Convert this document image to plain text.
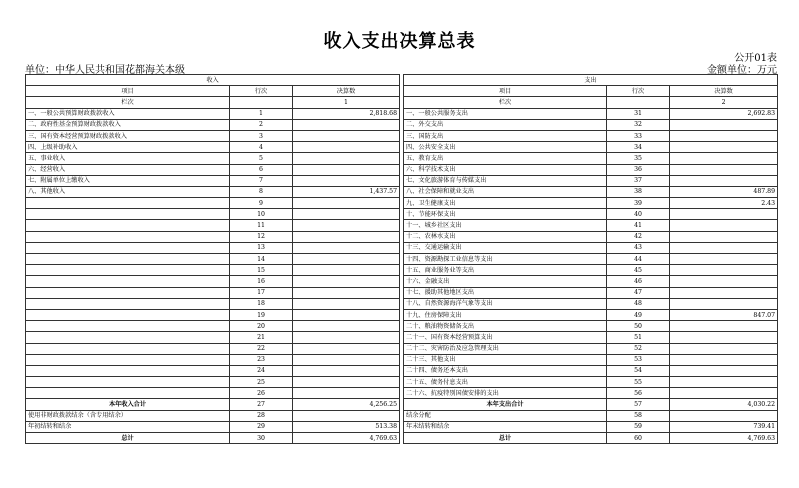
收入支出决算总表
公开01表
单位：中华人民共和国花都海关本级	金额单位：万元
收入				支出		
项目	行次	决算数		项目	行次	决算数
栏次		1		栏次		2
一、一般公共预算财政拨款收入	1	2,818.68		一、一般公共服务支出	31	2,692.83
二、政府性基金预算财政拨款收入	2			二、外交支出	32	
三、国有资本经营预算财政拨款收入	3			三、国防支出	33	
四、上级补助收入	4			四、公共安全支出	34	
五、事业收入	5			五、教育支出	35	
六、经营收入	6			六、科学技术支出	36	
七、附属单位上缴收入	7			七、文化旅游体育与传媒支出	37	
八、其他收入	8	1,437.57		八、社会保障和就业支出	38	487.89
	9			九、卫生健康支出	39	2.43
	10			十、节能环保支出	40	
	11			十一、城乡社区支出	41	
	12			十二、农林水支出	42	
	13			十三、交通运输支出	43	
	14			十四、资源勘探工业信息等支出	44	
	15			十五、商业服务业等支出	45	
	16			十六、金融支出	46	
	17			十七、援助其他地区支出	47	
	18			十八、自然资源海洋气象等支出	48	
	19			十九、住房保障支出	49	847.07
	20			二十、粮油物资储备支出	50	
	21			二十一、国有资本经营预算支出	51	
	22			二十二、灾害防治及应急管理支出	52	
	23			二十三、其他支出	53	
	24			二十四、债务还本支出	54	
	25			二十五、债务付息支出	55	
	26			二十六、抗疫特别国债安排的支出	56	
本年收入合计	27	4,256.25		本年支出合计	57	4,030.22
使用非财政拨款结余（含专用结余）	28			结余分配	58	
年初结转和结余	29	513.38		年末结转和结余	59	739.41
总计	30	4,769.63		总计	60	4,769.63
